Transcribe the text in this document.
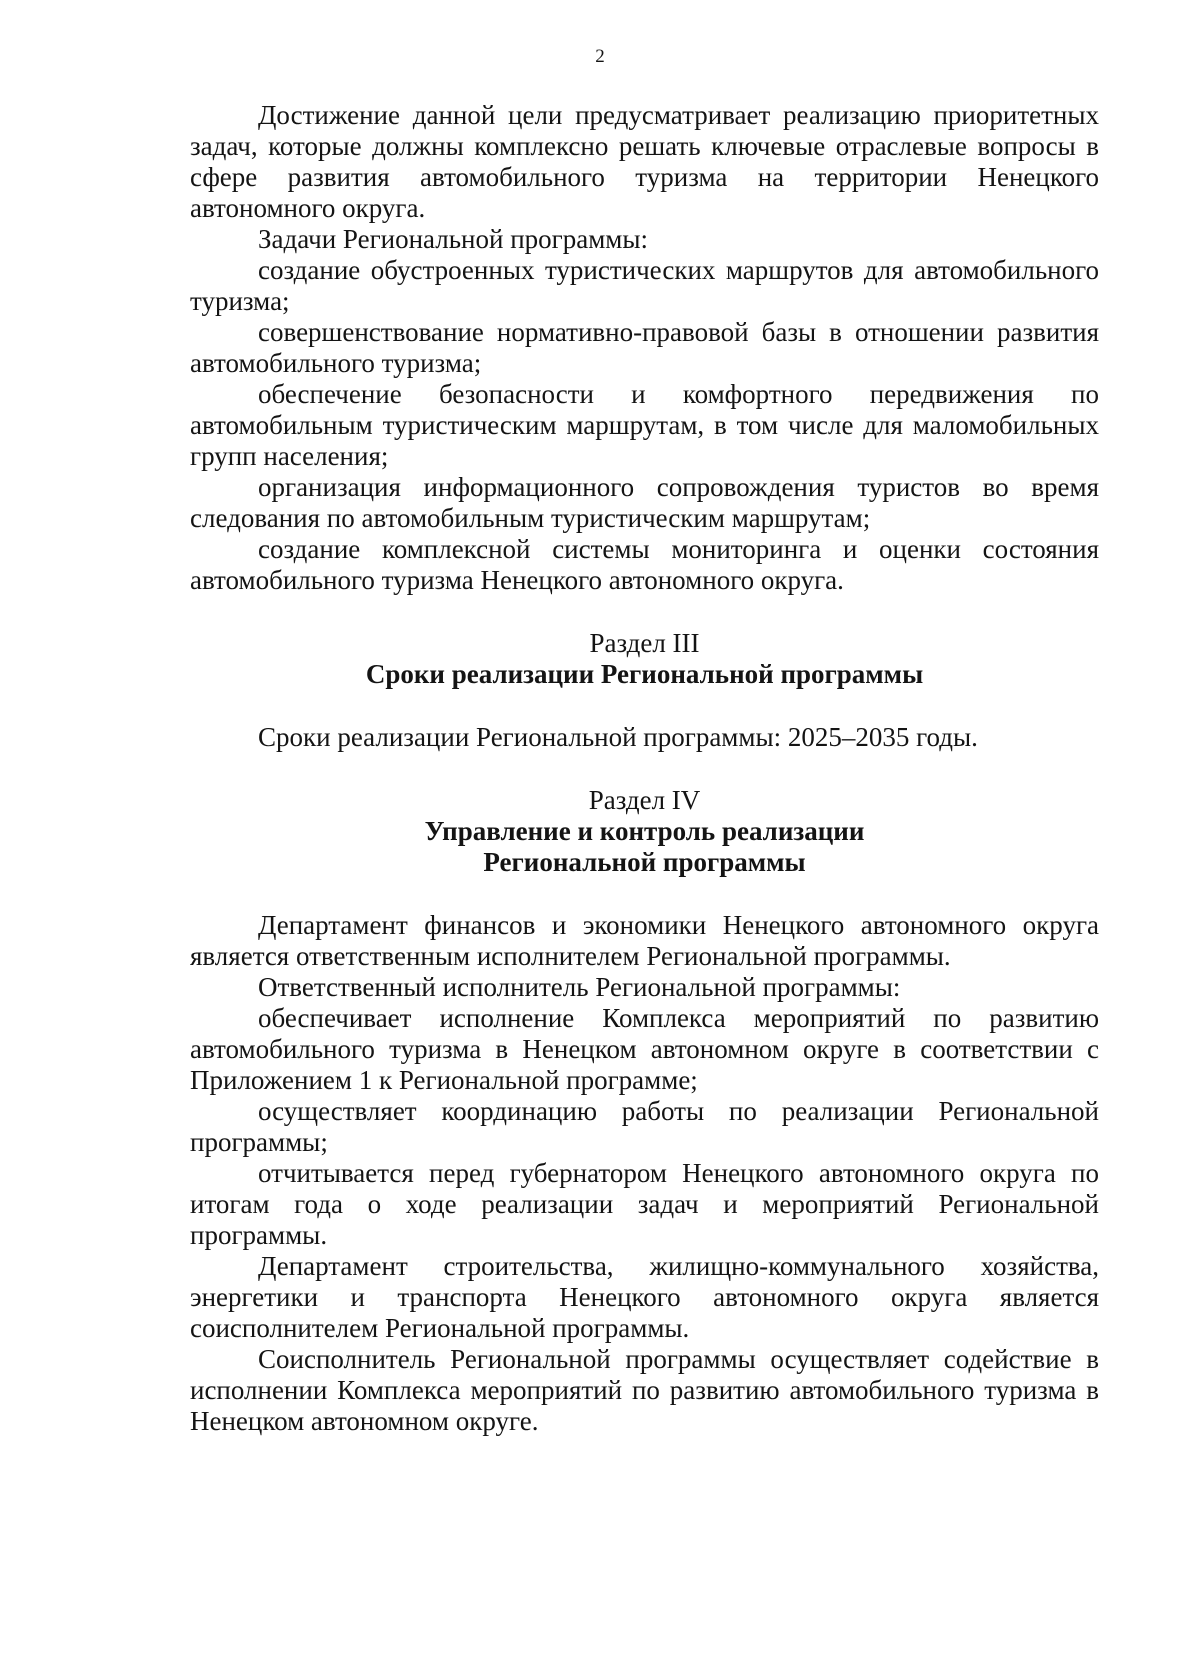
2

Достижение данной цели предусматривает реализацию приоритетных задач, которые должны комплексно решать ключевые отраслевые вопросы в сфере развития автомобильного туризма на территории Ненецкого автономного округа.

Задачи Региональной программы:

создание обустроенных туристических маршрутов для автомобильного туризма;

совершенствование нормативно-правовой базы в отношении развития автомобильного туризма;

обеспечение безопасности и комфортного передвижения по автомобильным туристическим маршрутам, в том числе для маломобильных групп населения;

организация информационного сопровождения туристов во время следования по автомобильным туристическим маршрутам;

создание комплексной системы мониторинга и оценки состояния автомобильного туризма Ненецкого автономного округа.

Раздел III

Сроки реализации Региональной программы

Сроки реализации Региональной программы: 2025–2035 годы.

Раздел IV

Управление и контроль реализации

Региональной программы

Департамент финансов и экономики Ненецкого автономного округа является ответственным исполнителем Региональной программы.

Ответственный исполнитель Региональной программы:

обеспечивает исполнение Комплекса мероприятий по развитию автомобильного туризма в Ненецком автономном округе в соответствии с Приложением 1 к Региональной программе;

осуществляет координацию работы по реализации Региональной программы;

отчитывается перед губернатором Ненецкого автономного округа по итогам года о ходе реализации задач и мероприятий Региональной программы.

Департамент строительства, жилищно-коммунального хозяйства, энергетики и транспорта Ненецкого автономного округа является соисполнителем Региональной программы.

Соисполнитель Региональной программы осуществляет содействие в исполнении Комплекса мероприятий по развитию автомобильного туризма в Ненецком автономном округе.
